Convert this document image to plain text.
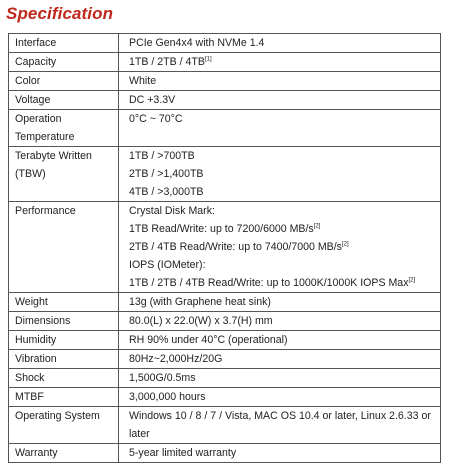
Specification
Interface	PCIe Gen4x4 with NVMe 1.4

Capacity	1TB / 2TB / 4TB[1]

Color	White

Voltage	DC +3.3V

Operation
Temperature	0°C ~ 70°C

Terabyte Written
(TBW)	1TB / >700TB
2TB / >1,400TB
4TB / >3,000TB

Performance	Crystal Disk Mark:
1TB Read/Write: up to 7200/6000 MB/s[2]
2TB / 4TB Read/Write: up to 7400/7000 MB/s[2]
IOPS (IOMeter):
1TB / 2TB / 4TB Read/Write: up to 1000K/1000K IOPS Max[2]

Weight	13g (with Graphene heat sink)

Dimensions	80.0(L) x 22.0(W) x 3.7(H) mm

Humidity	RH 90% under 40°C (operational)

Vibration	80Hz~2,000Hz/20G

Shock	1,500G/0.5ms

MTBF	3,000,000 hours

Operating System	Windows 10 / 8 / 7 / Vista, MAC OS 10.4 or later, Linux 2.6.33 or
later

Warranty	5-year limited warranty
